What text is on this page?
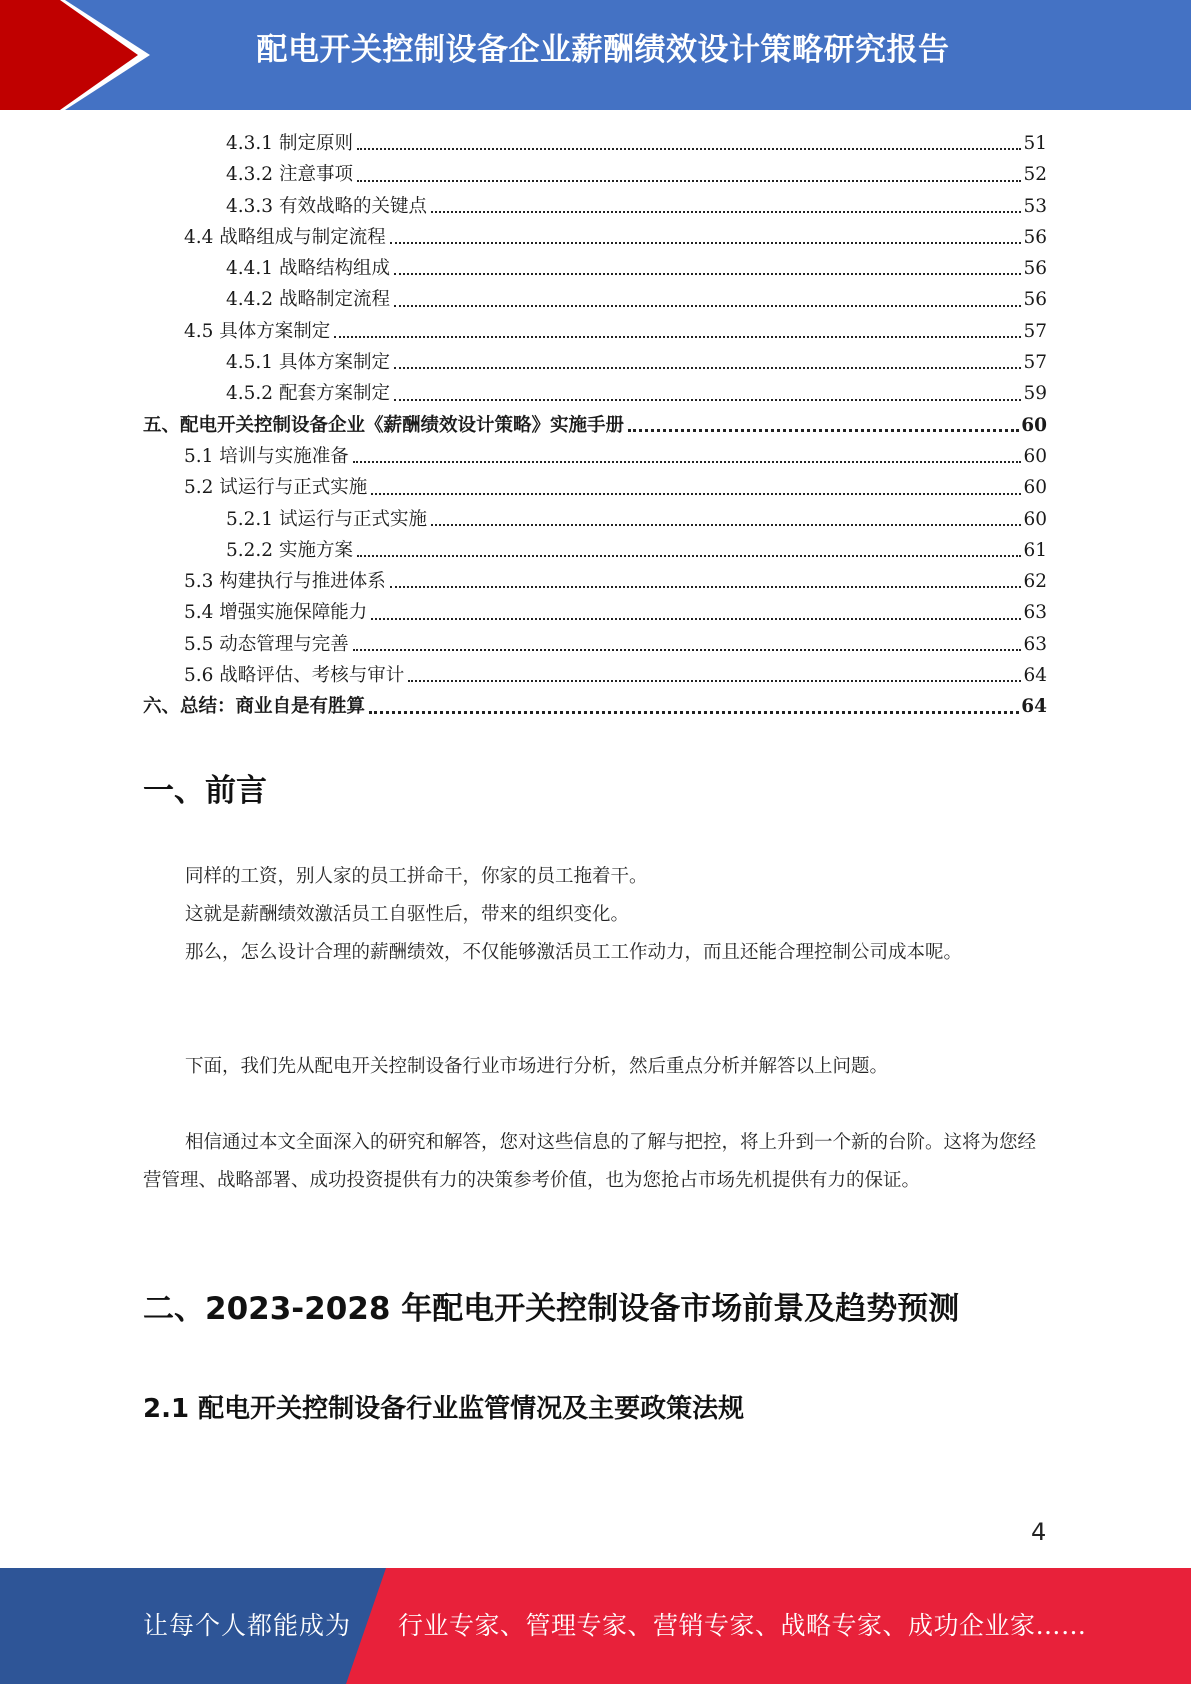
配电开关控制设备企业薪酬绩效设计策略研究报告
4.3.1 制定原则	51
4.3.2 注意事项	52
4.3.3 有效战略的关键点	53
4.4 战略组成与制定流程	56
4.4.1 战略结构组成	56
4.4.2 战略制定流程	56
4.5 具体方案制定	57
4.5.1 具体方案制定	57
4.5.2 配套方案制定	59
五、配电开关控制设备企业《薪酬绩效设计策略》实施手册	60
5.1 培训与实施准备	60
5.2 试运行与正式实施	60
5.2.1 试运行与正式实施	60
5.2.2 实施方案	61
5.3 构建执行与推进体系	62
5.4 增强实施保障能力	63
5.5 动态管理与完善	63
5.6 战略评估、考核与审计	64
六、总结：商业自是有胜算	64
一、前言

同样的工资，别人家的员工拼命干，你家的员工拖着干。

这就是薪酬绩效激活员工自驱性后，带来的组织变化。

那么，怎么设计合理的薪酬绩效，不仅能够激活员工工作动力，而且还能合理控制公司成本呢。

下面，我们先从配电开关控制设备行业市场进行分析，然后重点分析并解答以上问题。

相信通过本文全面深入的研究和解答，您对这些信息的了解与把控，将上升到一个新的台阶。这将为您经营管理、战略部署、成功投资提供有力的决策参考价值，也为您抢占市场先机提供有力的保证。

二、2023-2028 年配电开关控制设备市场前景及趋势预测
2.1 配电开关控制设备行业监管情况及主要政策法规
4
让每个人都能成为 行业专家、管理专家、营销专家、战略专家、成功企业家……
